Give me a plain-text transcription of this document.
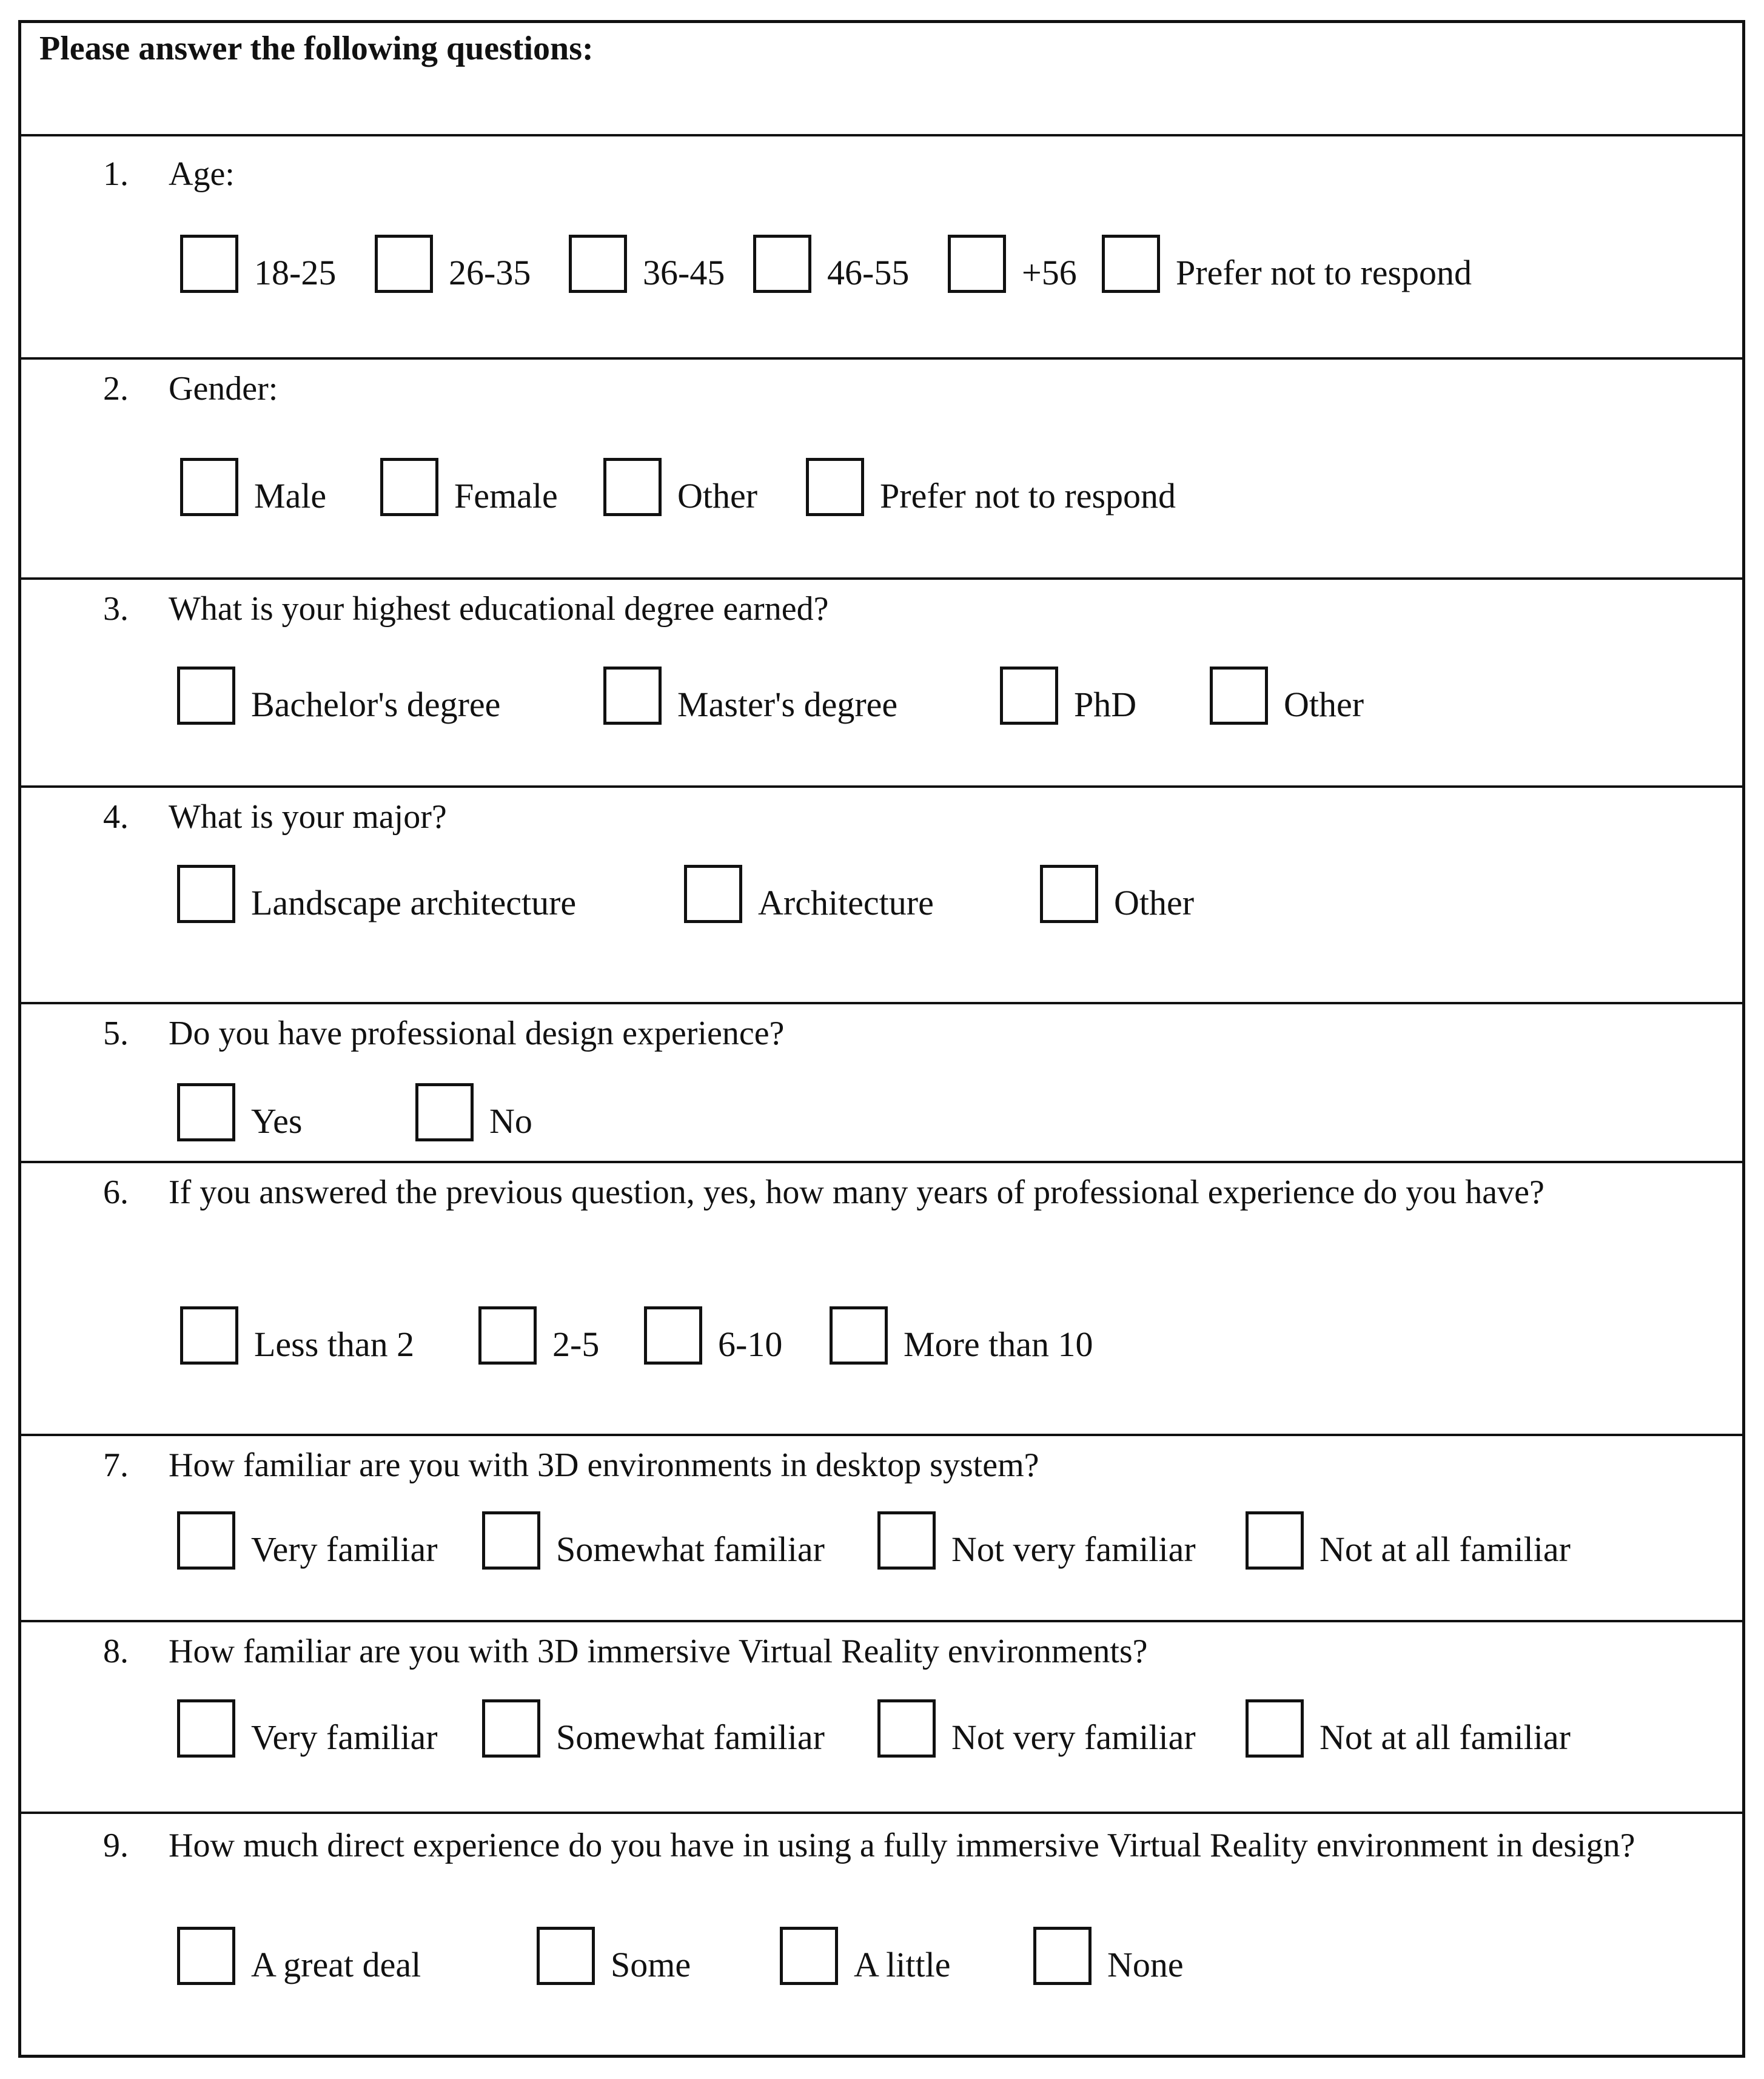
Please answer the following questions:
1. Age:
18-25	26-35	36-45	46-55	+56	Prefer not to respond
2. Gender:
Male	Female	Other	Prefer not to respond
3. What is your highest educational degree earned?
Bachelor's degree	Master's degree	PhD	Other
4. What is your major?
Landscape architecture	Architecture	Other
5. Do you have professional design experience?
Yes	No
6. If you answered the previous question, yes, how many years of professional experience do you have?
Less than 2	2-5	6-10	More than 10
7. How familiar are you with 3D environments in desktop system?
Very familiar	Somewhat familiar	Not very familiar	Not at all familiar
8. How familiar are you with 3D immersive Virtual Reality environments?
Very familiar	Somewhat familiar	Not very familiar	Not at all familiar
9. How much direct experience do you have in using a fully immersive Virtual Reality environment in design?
A great deal	Some	A little	None
